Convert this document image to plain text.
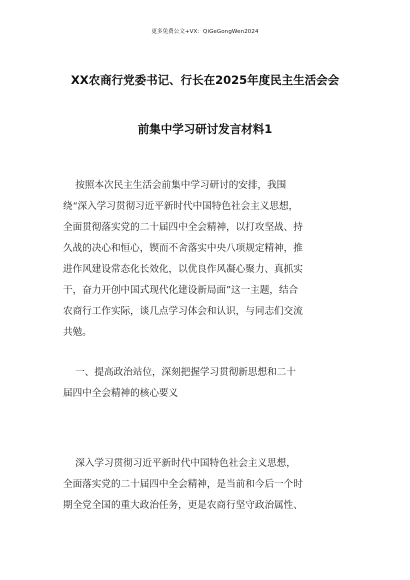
更多免费公文+VX：QiGeGongWen2024
XX农商行党委书记、行长在2025年度民主生活会会
前集中学习研讨发言材料1
按照本次民主生活会前集中学习研讨的安排，我围
绕“深入学习贯彻习近平新时代中国特色社会主义思想，
全面贯彻落实党的二十届四中全会精神，以打攻坚战、持
久战的决心和恒心，锲而不舍落实中央八项规定精神，推
进作风建设常态化长效化，以优良作风凝心聚力、真抓实
干，奋力开创中国式现代化建设新局面”这一主题，结合
农商行工作实际，谈几点学习体会和认识，与同志们交流
共勉。
一、提高政治站位，深刻把握学习贯彻新思想和二十
届四中全会精神的核心要义
深入学习贯彻习近平新时代中国特色社会主义思想，
全面落实党的二十届四中全会精神，是当前和今后一个时
期全党全国的重大政治任务，更是农商行坚守政治属性、
